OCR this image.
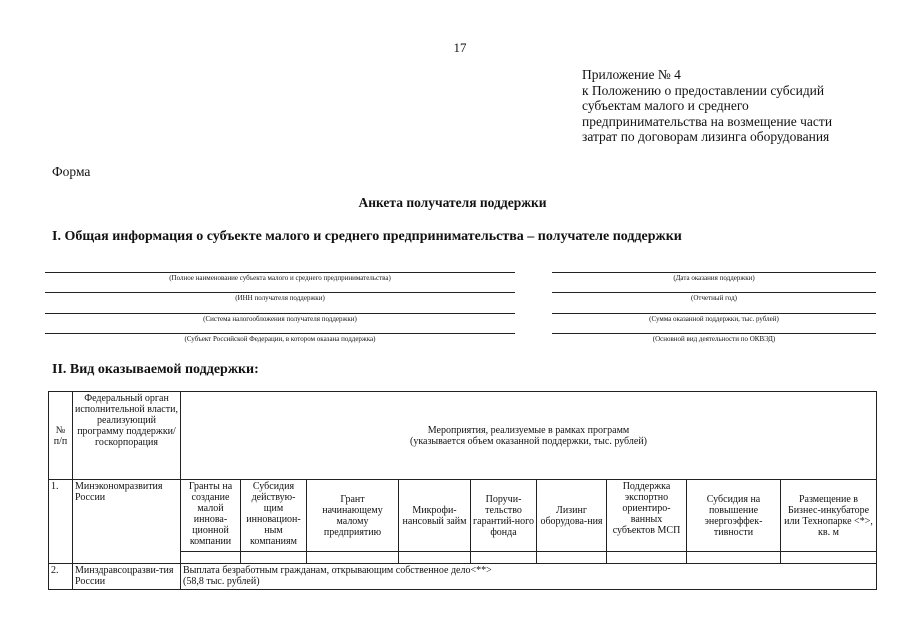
17
Приложение № 4
к Положению о предоставлении субсидий
субъектам малого и среднего
предпринимательства на возмещение части
затрат по договорам лизинга оборудования
Форма
Анкета получателя поддержки
I. Общая информация о субъекте малого и среднего предпринимательства – получателе поддержки
(Полное наименование субъекта малого и среднего предпринимательства)
(ИНН получателя поддержки)
(Система налогообложения получателя поддержки)
(Субъект Российской Федерации, в котором оказана поддержка)
(Дата оказания поддержки)
(Отчетный год)
(Сумма оказанной поддержки, тыс. рублей)
(Основной вид деятельности по ОКВЭД)
II. Вид оказываемой поддержки:
№ п/п	Федеральный орган исполнительной власти, реализующий программу поддержки/ госкорпорация	Мероприятия, реализуемые в рамках программ
(указывается объем оказанной поддержки, тыс. рублей)								

1.	Минэкономразвития России	Гранты на создание малой иннова-ционной компании	Субсидия действую-щим инновацион-ным компаниям	Грант начинающему малому предприятию	Микрофи-нансовый займ	Поручи-тельство гарантий-ного фонда	Лизинг оборудова-ния	Поддержка экспортно ориентиро-ванных субъектов МСП	Субсидия на повышение энергоэффек-тивности	Размещение в Бизнес-инкубаторе или Технопарке <*>, кв. м

2.	Минздравсоцразви-тия России	Выплата безработным гражданам, открывающим собственное дело<**>
(58,8 тыс. рублей)								
